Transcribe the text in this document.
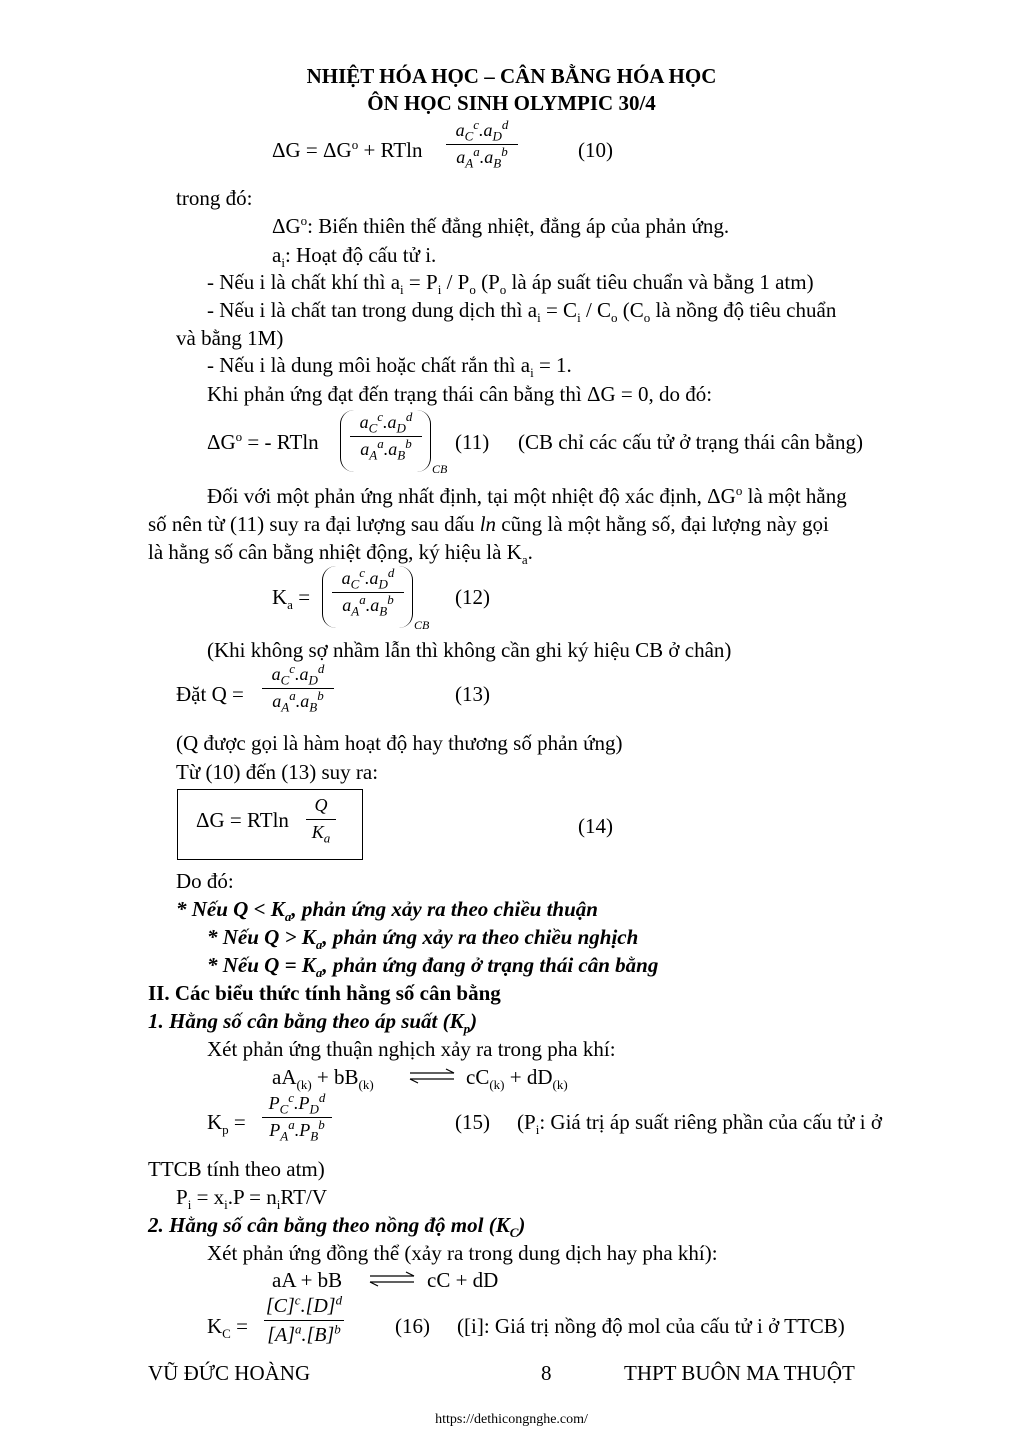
NHIỆT HÓA HỌC – CÂN BẰNG HÓA HỌC
ÔN HỌC SINH OLYMPIC 30/4
$\Delta G = \Delta G^o + RTln$
$a_C^c.a_D^d$
$a_A^a.a_B^b$	(10)
trong đó:
$\Delta G^o$: Biến thiên thế đẳng nhiệt, đẳng áp của phản ứng.
$a_i$: Hoạt độ cấu tử i.
- Nếu i là chất khí thì $a_i = P_i / P_o$ ($P_o$ là áp suất tiêu chuẩn và bằng 1 atm)
- Nếu i là chất tan trong dung dịch thì $a_i = C_i / C_o$ ($C_o$ là nồng độ tiêu chuẩn
và bằng 1M)
- Nếu i là dung môi hoặc chất rắn thì $a_i = 1$.
Khi phản ứng đạt đến trạng thái cân bằng thì ΔG = 0, do đó:
$\Delta G^o$ = - RTln
$a_C^c.a_D^d$
$a_A^a.a_B^b$
CB
(11) (CB chỉ các cấu tử ở trạng thái cân bằng)
Đối với một phản ứng nhất định, tại một nhiệt độ xác định, $\Delta G^o$ là một hằng
số nên từ (11) suy ra đại lượng sau dấu ln cũng là một hằng số, đại lượng này gọi
là hằng số cân bằng nhiệt động, ký hiệu là $K_a$.
$K_a$ =
$a_C^c.a_D^d$
$a_A^a.a_B^b$
CB
(12)
(Khi không sợ nhầm lẫn thì không cần ghi ký hiệu CB ở chân)
Đặt Q =
$a_C^c.a_D^d$
$a_A^a.a_B^b$	(13)
(Q được gọi là hàm hoạt độ hay thương số phản ứng)
Từ (10) đến (13) suy ra:
ΔG = RTln
Q
$K_a$	(14)
Do đó:
* Nếu $Q < K_a$, phản ứng xảy ra theo chiều thuận
* Nếu $Q > K_a$, phản ứng xảy ra theo chiều nghịch
* Nếu $Q = K_a$, phản ứng đang ở trạng thái cân bằng
II. Các biểu thức tính hằng số cân bằng
1. Hằng số cân bằng theo áp suất $(K_p)$
Xét phản ứng thuận nghịch xảy ra trong pha khí:
$aA_{(k)} + bB_{(k)}$ ⇌ $cC_{(k)} + dD_{(k)}$
$K_p$ =
$P_C^c.P_D^d$
$P_A^a.P_B^b$	(15) ($P_i$: Giá trị áp suất riêng phần của cấu tử i ở
TTCB tính theo atm)
$P_i = x_i.P = n_iRT/V$
2. Hằng số cân bằng theo nồng độ mol $(K_C)$
Xét phản ứng đồng thể (xảy ra trong dung dịch hay pha khí):
aA + bB ⇌ cC + dD
$K_C$ =
$[C]^c.[D]^d$
$[A]^a.[B]^b$	(16) ([i]: Giá trị nồng độ mol của cấu tử i ở TTCB)
VŨ ĐỨC HOÀNG	8	THPT BUÔN MA THUỘT
https://dethicongnghe.com/
